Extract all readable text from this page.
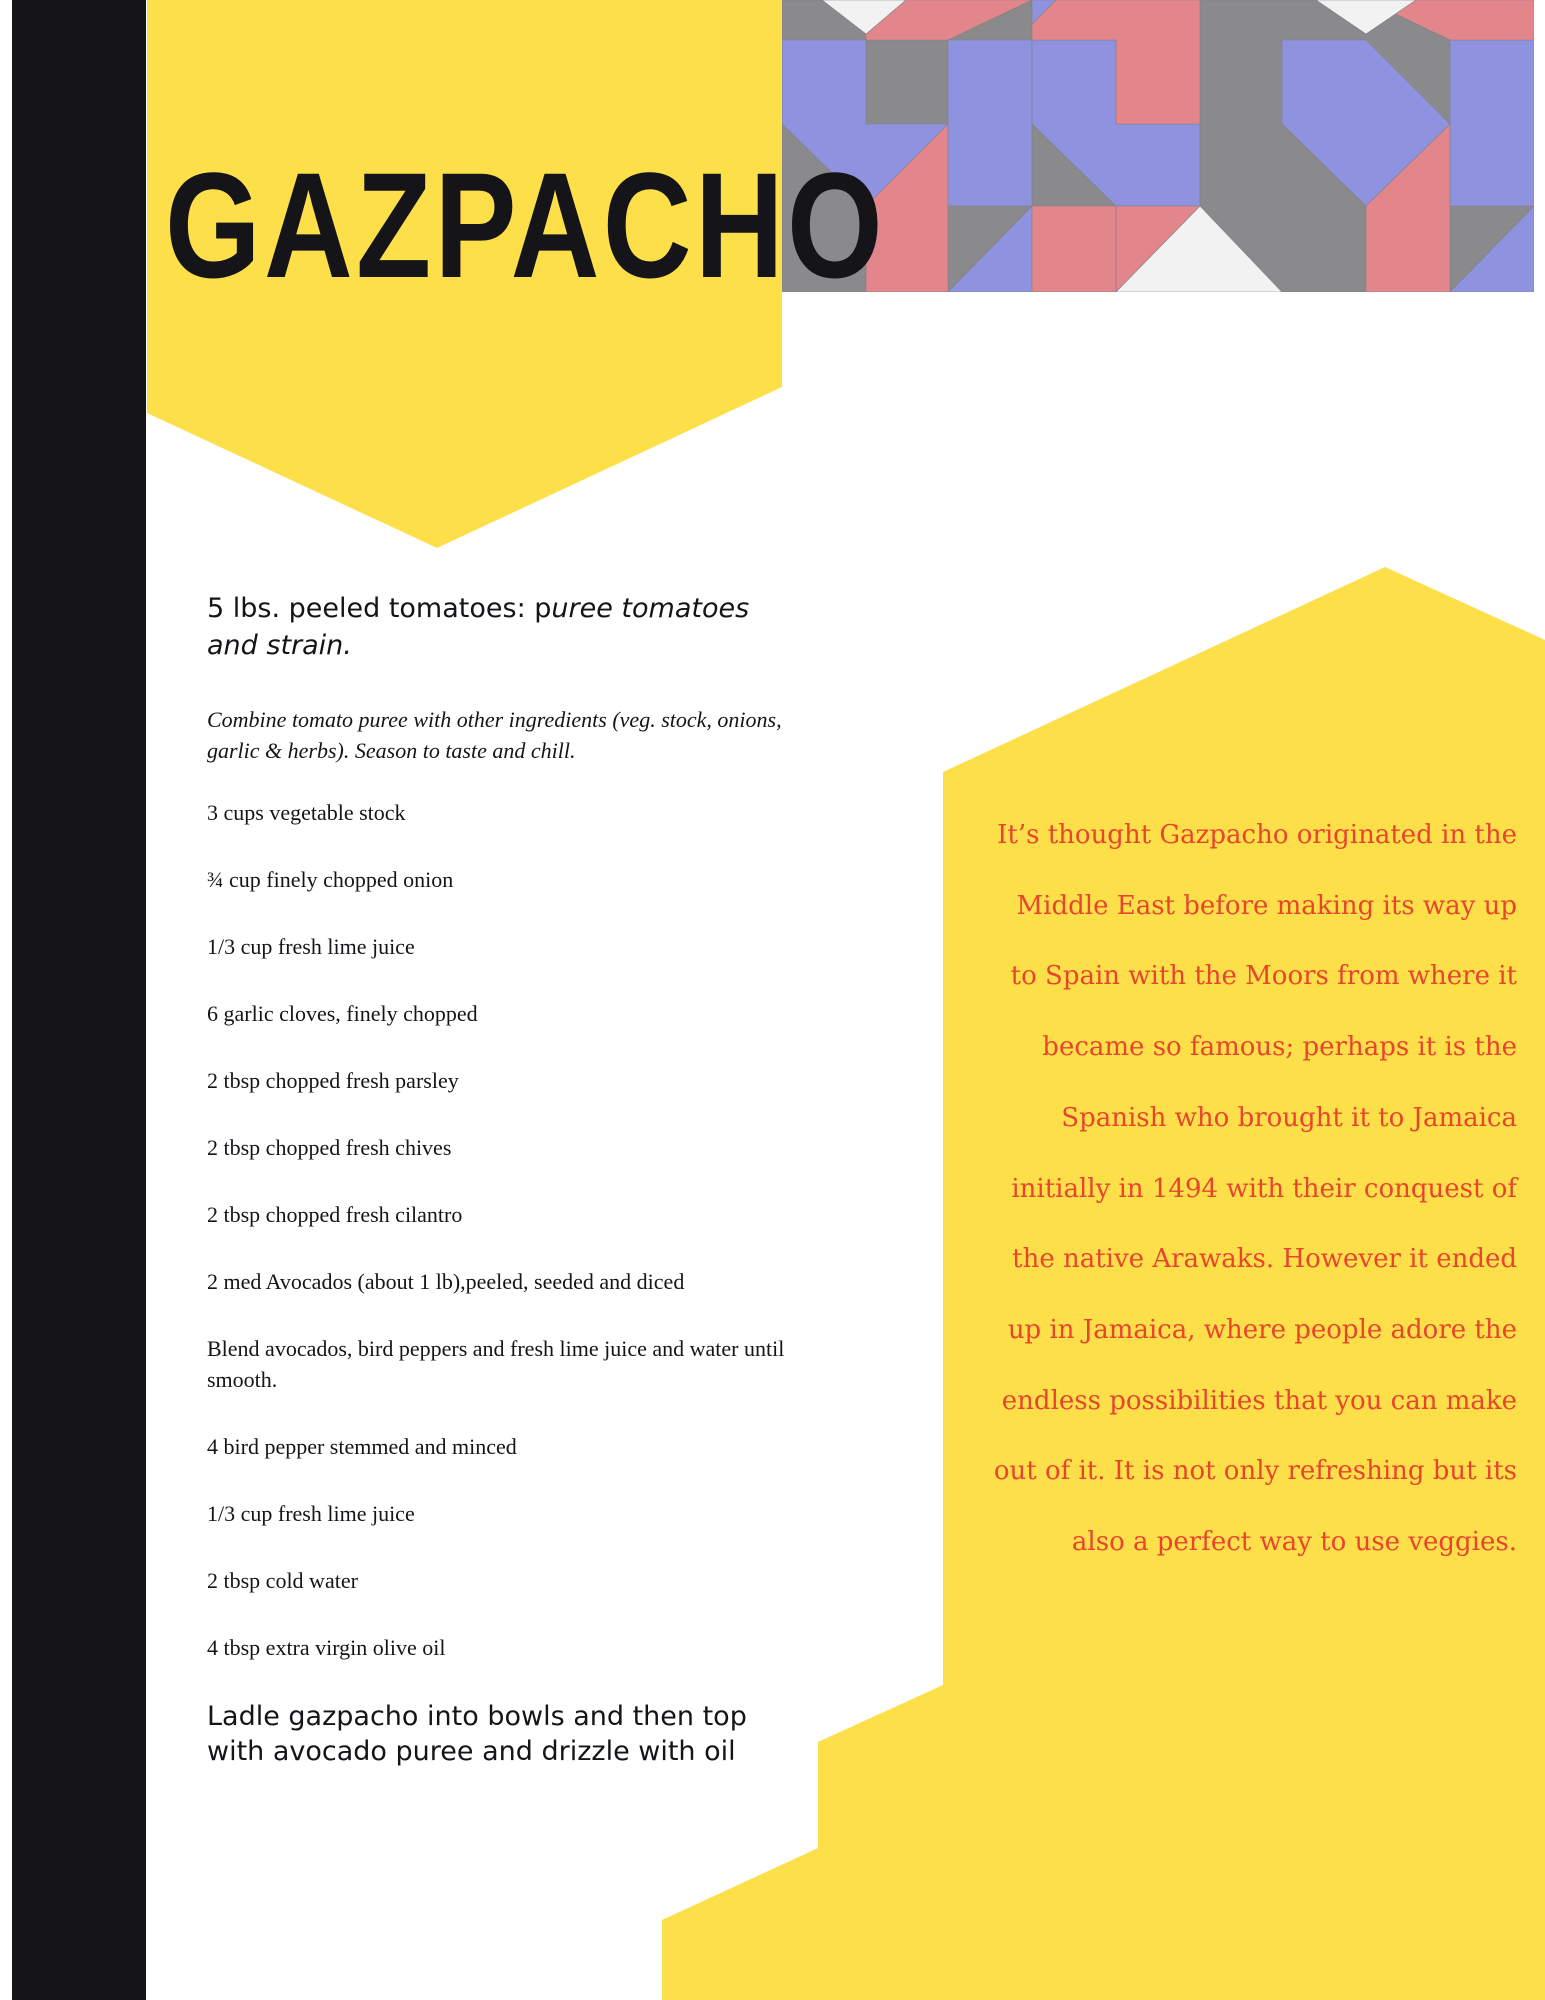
GAZPACHO

5 lbs. peeled tomatoes: puree tomatoes and strain.

Combine tomato puree with other ingredients (veg. stock, onions, garlic & herbs). Season to taste and chill.

3 cups vegetable stock

¾ cup finely chopped onion

1/3 cup fresh lime juice

6 garlic cloves, finely chopped

2 tbsp chopped fresh parsley

2 tbsp chopped fresh chives

2 tbsp chopped fresh cilantro

2 med Avocados (about 1 lb),peeled, seeded and diced

Blend avocados, bird peppers and fresh lime juice and water until smooth.

4 bird pepper stemmed and minced

1/3 cup fresh lime juice

2 tbsp cold water

4 tbsp extra virgin olive oil

Ladle gazpacho into bowls and then top with avocado puree and drizzle with oil

It’s thought Gazpacho originated in the Middle East before making its way up to Spain with the Moors from where it became so famous; perhaps it is the Spanish who brought it to Jamaica initially in 1494 with their conquest of the native Arawaks. However it ended up in Jamaica, where people adore the endless possibilities that you can make out of it. It is not only refreshing but its also a perfect way to use veggies.
